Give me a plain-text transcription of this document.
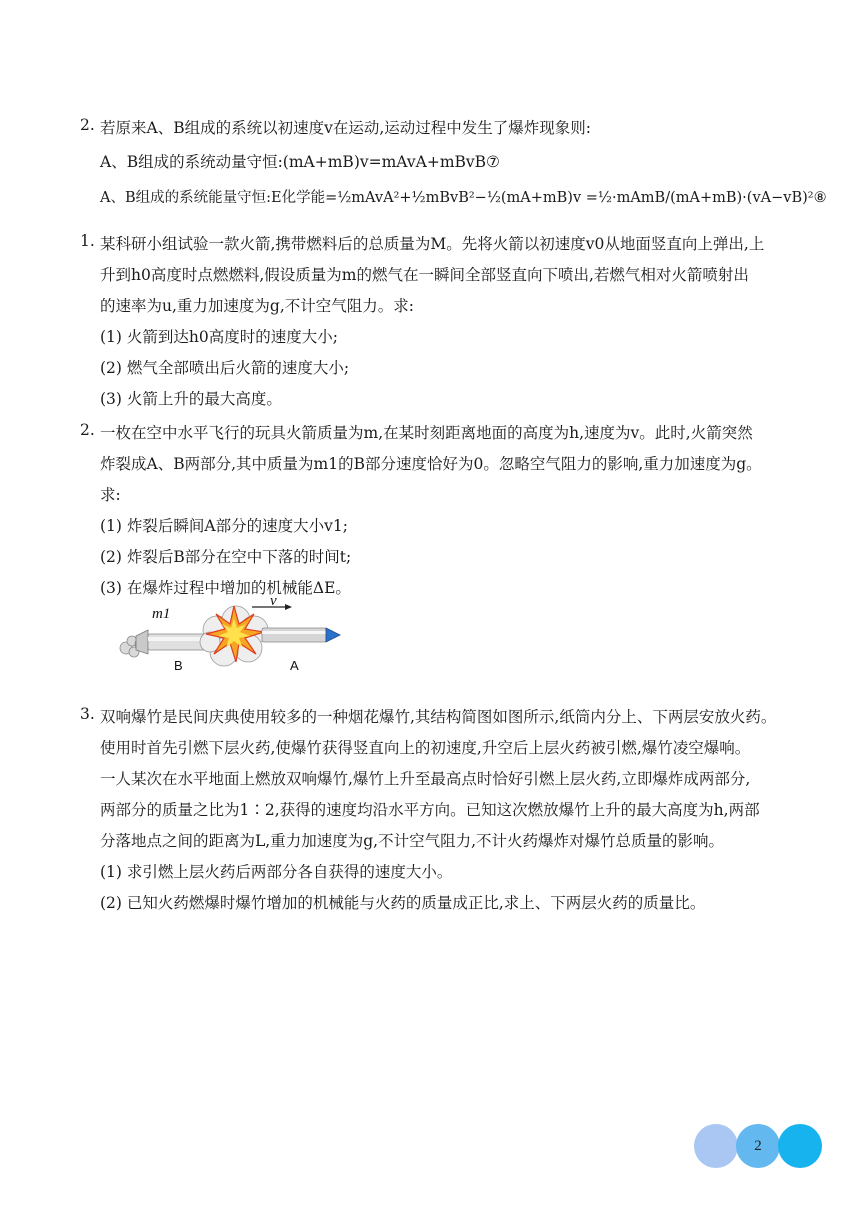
2. 若原来A、B组成的系统以初速度v在运动,运动过程中发生了爆炸现象则:
A、B组成的系统动量守恒:(mA+mB)v=mAvA+mBvB⑦
A、B组成的系统能量守恒:E化学能=½mAvA²+½mBvB²−½(mA+mB)v =½·mAmB/(mA+mB)·(vA−vB)²⑧
1. 某科研小组试验一款火箭,携带燃料后的总质量为M。先将火箭以初速度v0从地面竖直向上弹出,上
升到h0高度时点燃燃料,假设质量为m的燃气在一瞬间全部竖直向下喷出,若燃气相对火箭喷射出
的速率为u,重力加速度为g,不计空气阻力。求:
(1) 火箭到达h0高度时的速度大小;
(2) 燃气全部喷出后火箭的速度大小;
(3) 火箭上升的最大高度。
2. 一枚在空中水平飞行的玩具火箭质量为m,在某时刻距离地面的高度为h,速度为v。此时,火箭突然
炸裂成A、B两部分,其中质量为m1的B部分速度恰好为0。忽略空气阻力的影响,重力加速度为g。
求:
(1) 炸裂后瞬间A部分的速度大小v1;
(2) 炸裂后B部分在空中下落的时间t;
(3) 在爆炸过程中增加的机械能ΔE。
v
m1
B	A
3. 双响爆竹是民间庆典使用较多的一种烟花爆竹,其结构简图如图所示,纸筒内分上、下两层安放火药。
使用时首先引燃下层火药,使爆竹获得竖直向上的初速度,升空后上层火药被引燃,爆竹凌空爆响。
一人某次在水平地面上燃放双响爆竹,爆竹上升至最高点时恰好引燃上层火药,立即爆炸成两部分,
两部分的质量之比为1∶2,获得的速度均沿水平方向。已知这次燃放爆竹上升的最大高度为h,两部
分落地点之间的距离为L,重力加速度为g,不计空气阻力,不计火药爆炸对爆竹总质量的影响。
(1) 求引燃上层火药后两部分各自获得的速度大小。
(2) 已知火药燃爆时爆竹增加的机械能与火药的质量成正比,求上、下两层火药的质量比。
2
